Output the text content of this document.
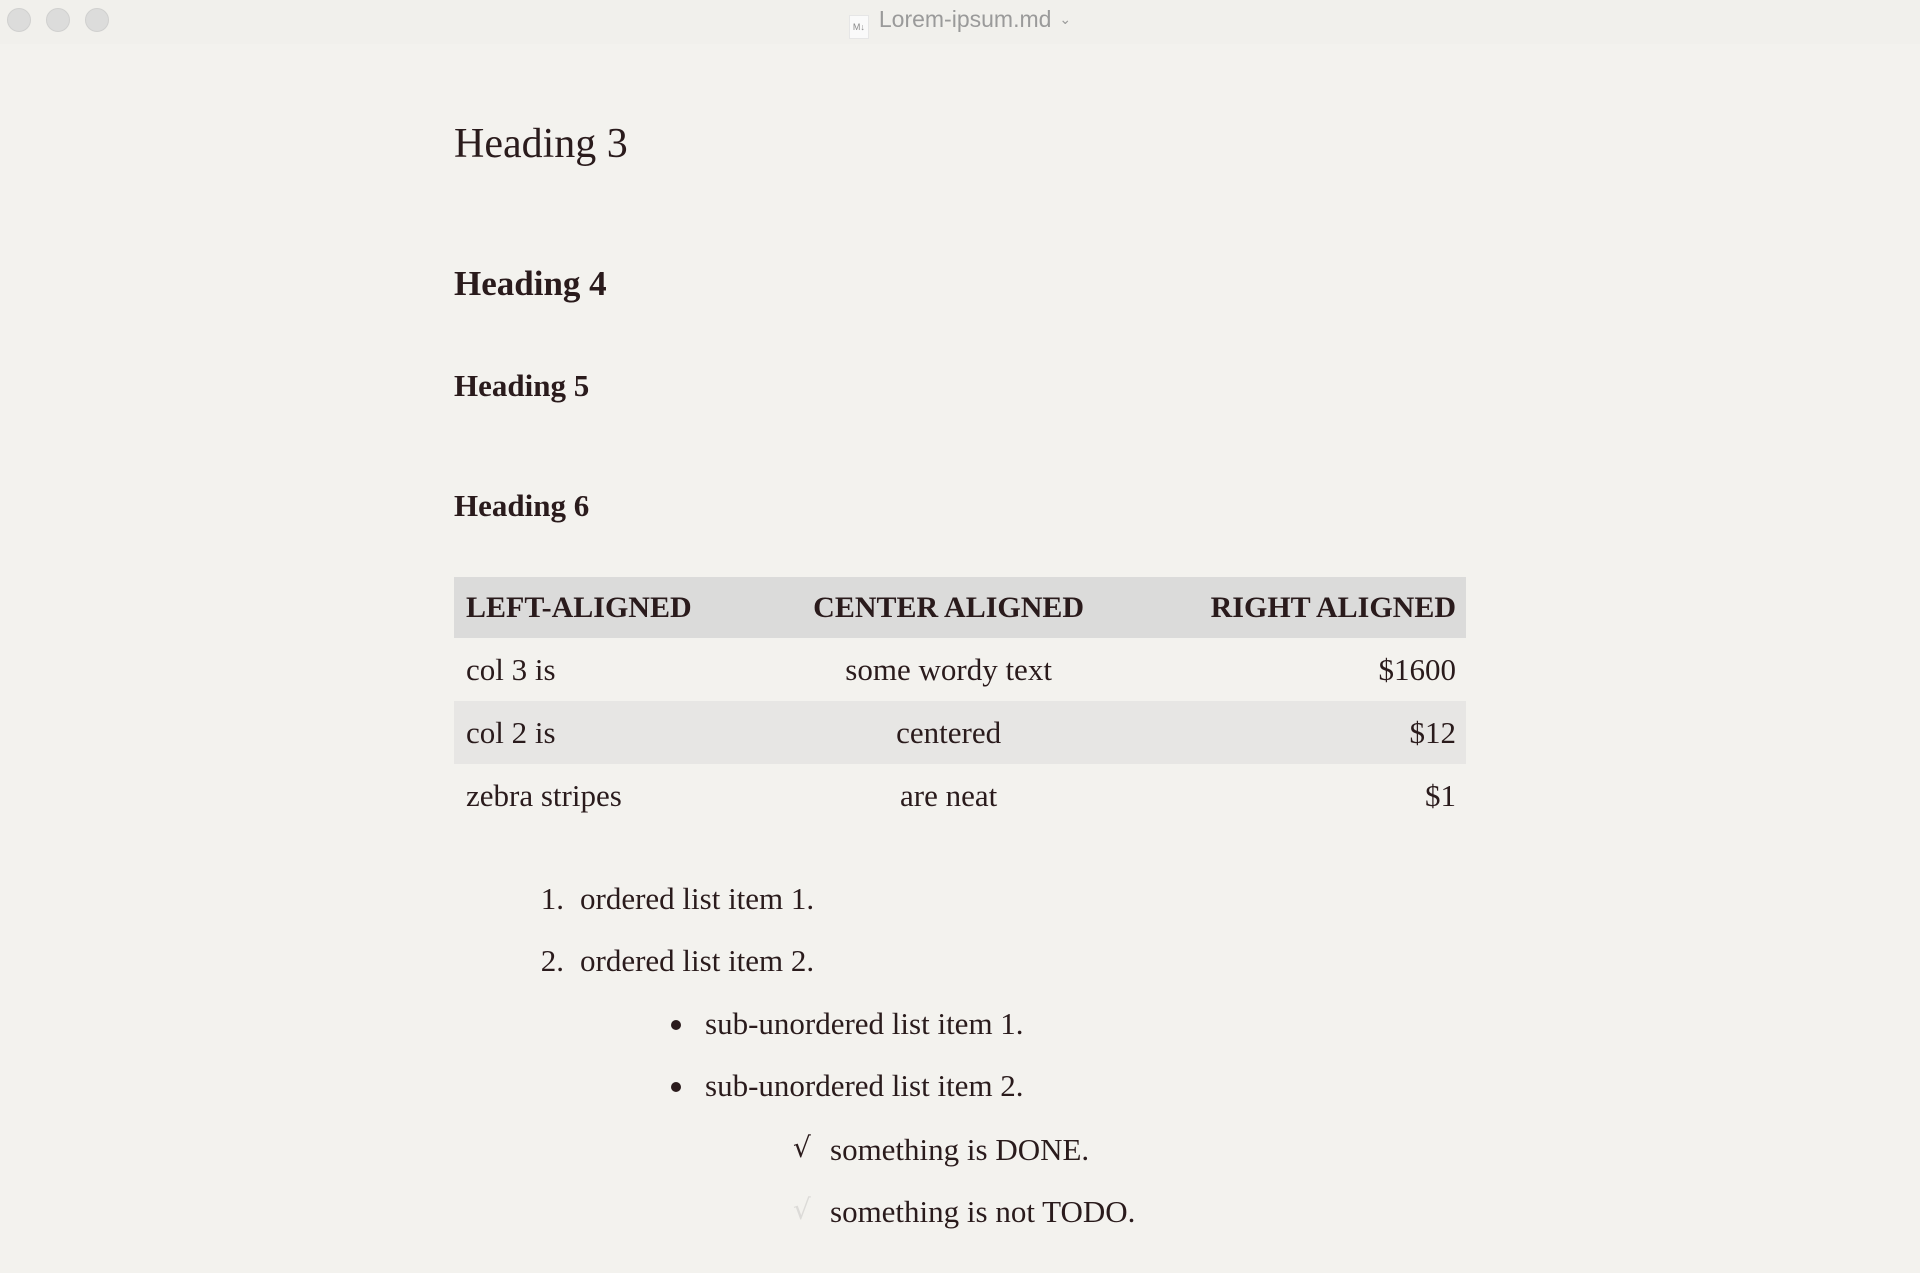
M↓ Lorem-ipsum.md ⌄
Heading 3
Heading 4
Heading 5
Heading 6
LEFT-ALIGNED	CENTER ALIGNED	RIGHT ALIGNED
col 3 is	some wordy text	$1600
col 2 is	centered	$12
zebra stripes	are neat	$1
1. ordered list item 1.
2. ordered list item 2.
sub-unordered list item 1.
sub-unordered list item 2.
√ something is DONE.
√ something is not TODO.
